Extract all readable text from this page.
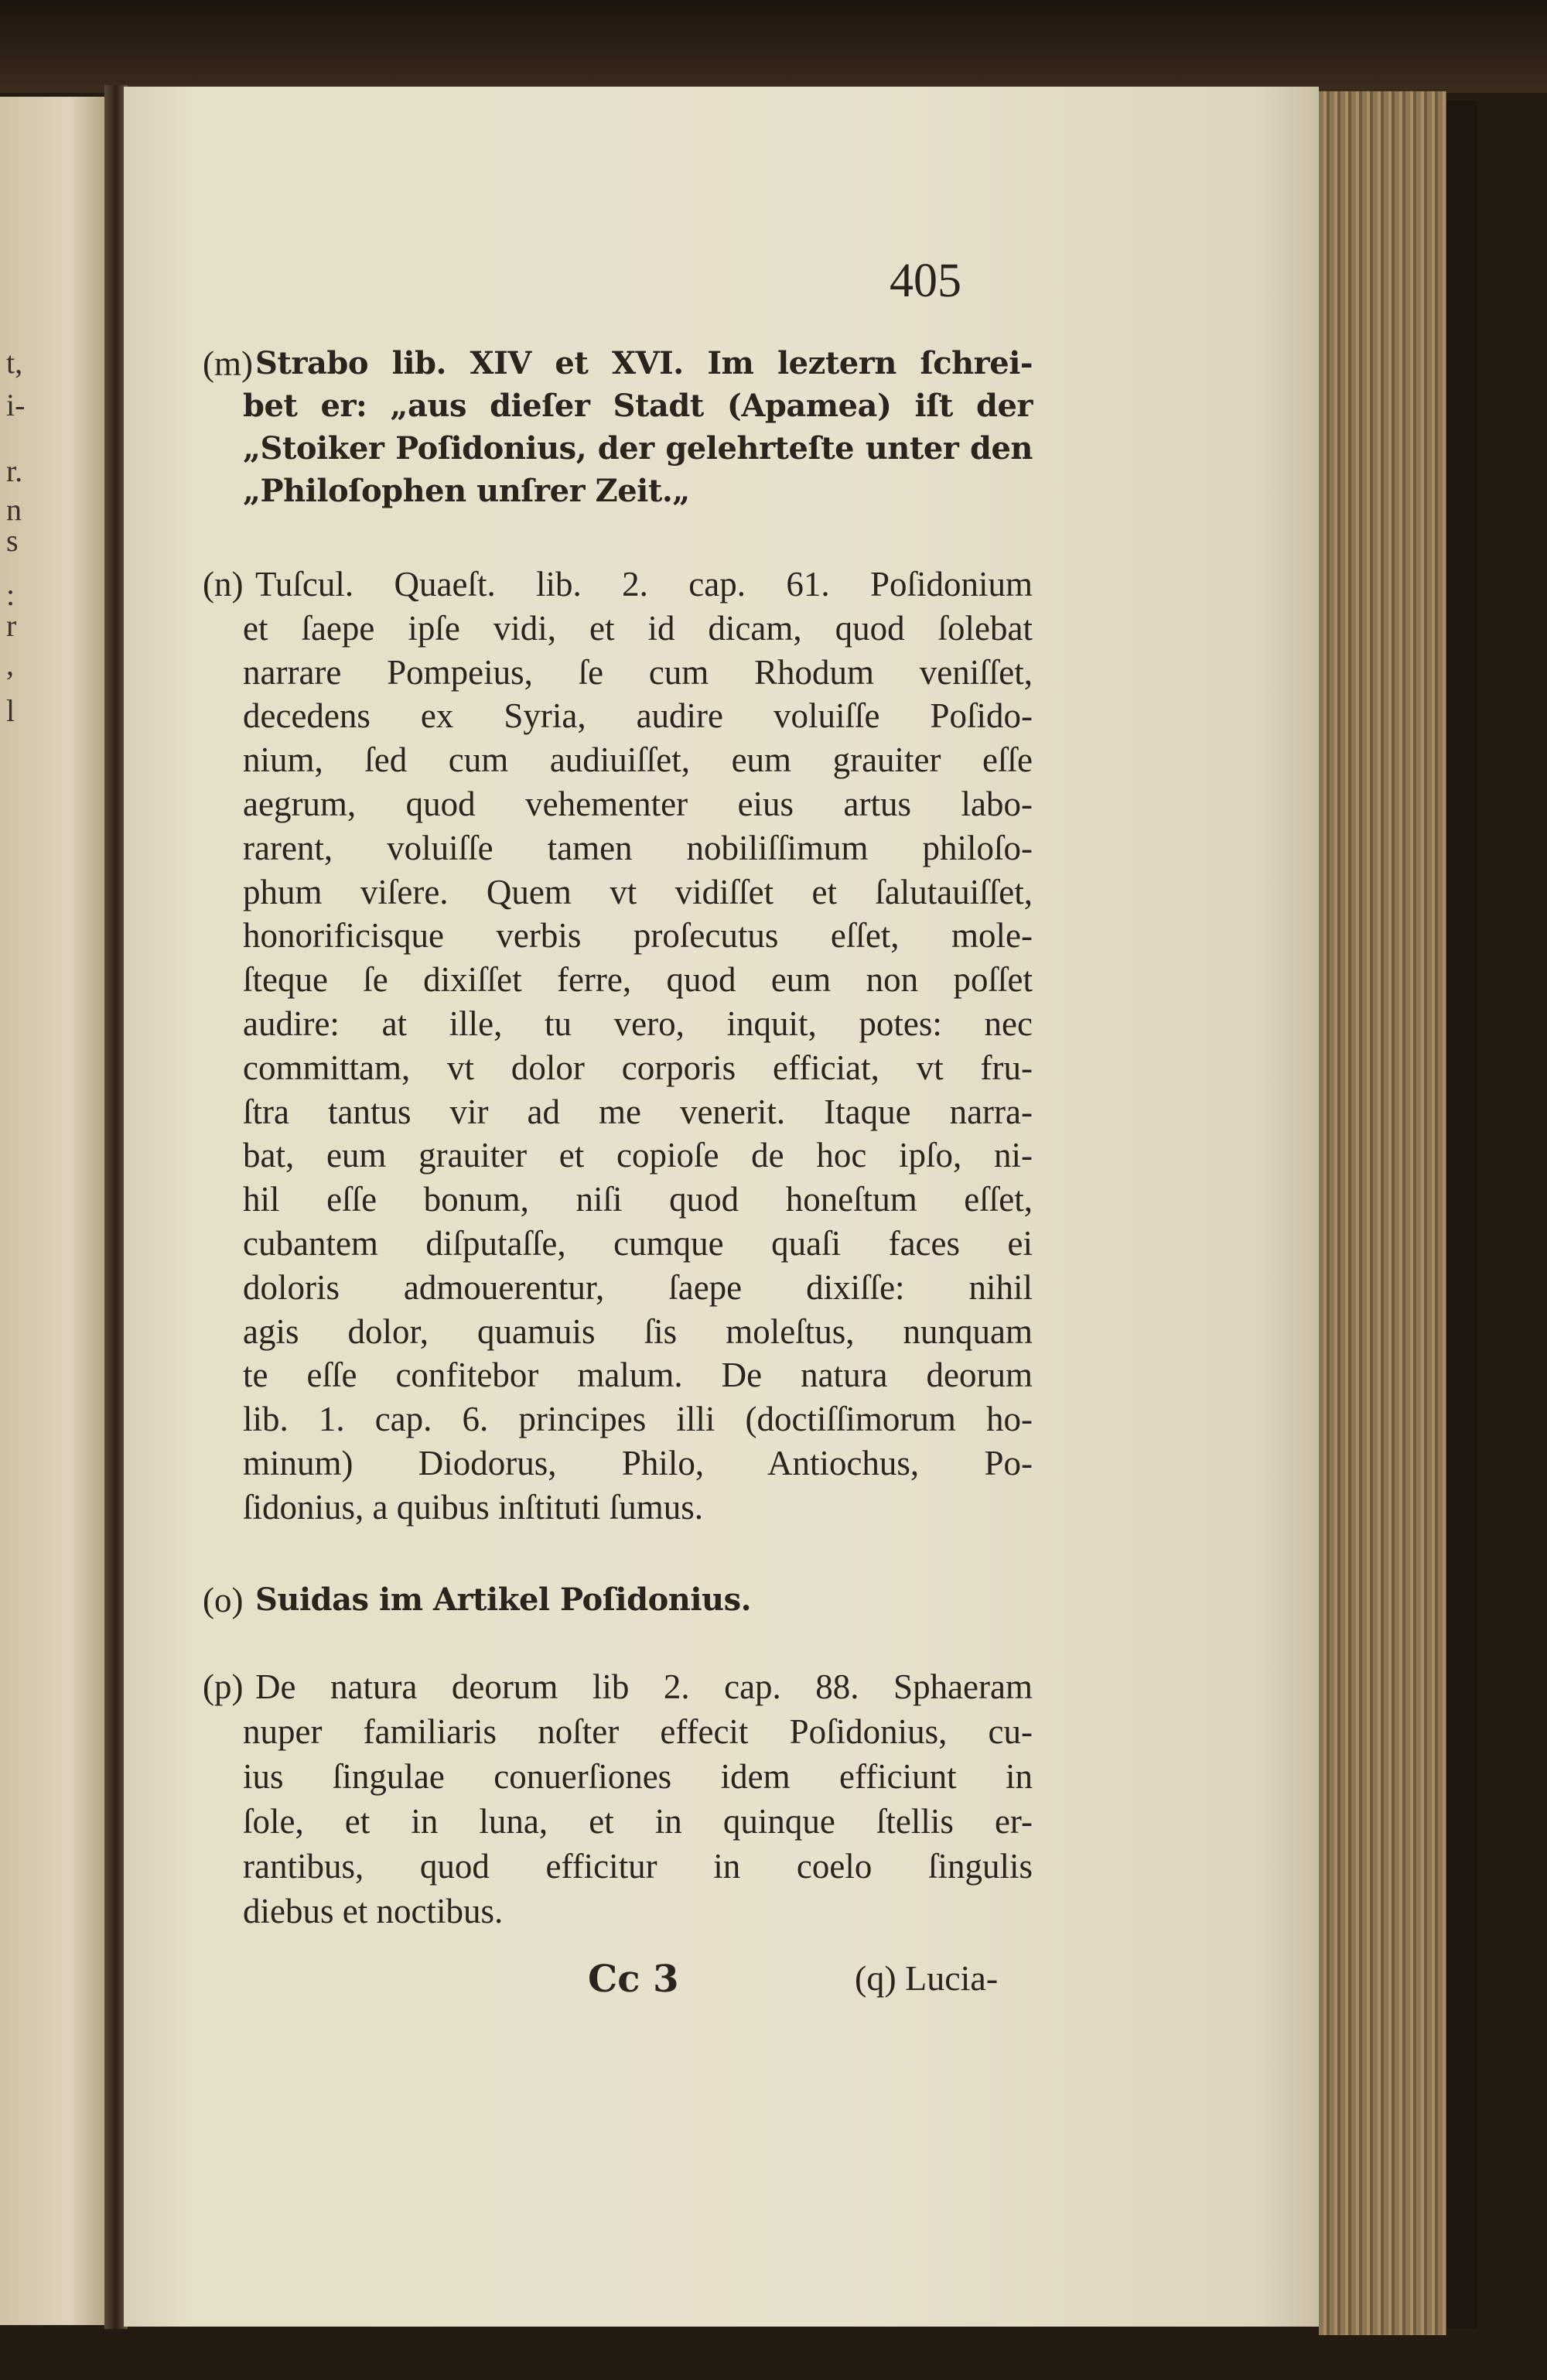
t,
i-
r.
n
s
:
r
,
l
405
(m) Strabo lib. XIV et XVI. Im leztern ſchrei-
bet er: „aus dieſer Stadt (Apamea) iſt der
„Stoiker Poſidonius, der gelehrteſte unter den
„Philoſophen unſrer Zeit.„
(n) Tuſcul. Quaeſt. lib. 2. cap. 61. Poſidonium
et ſaepe ipſe vidi, et id dicam, quod ſolebat
narrare Pompeius, ſe cum Rhodum veniſſet,
decedens ex Syria, audire voluiſſe Poſido-
nium, ſed cum audiuiſſet, eum grauiter eſſe
aegrum, quod vehementer eius artus labo-
rarent, voluiſſe tamen nobiliſſimum philoſo-
phum viſere. Quem vt vidiſſet et ſalutauiſſet,
honorificisque verbis proſecutus eſſet, mole-
ſteque ſe dixiſſet ferre, quod eum non poſſet
audire: at ille, tu vero, inquit, potes: nec
committam, vt dolor corporis efficiat, vt fru-
ſtra tantus vir ad me venerit. Itaque narra-
bat, eum grauiter et copioſe de hoc ipſo, ni-
hil eſſe bonum, niſi quod honeſtum eſſet,
cubantem diſputaſſe, cumque quaſi faces ei
doloris admouerentur, ſaepe dixiſſe: nihil
agis dolor, quamuis ſis moleſtus, nunquam
te eſſe confitebor malum. De natura deorum
lib. 1. cap. 6. principes illi (doctiſſimorum ho-
minum) Diodorus, Philo, Antiochus, Po-
ſidonius, a quibus inſtituti ſumus.
(o) Suidas im Artikel Poſidonius.
(p) De natura deorum lib 2. cap. 88. Sphaeram
nuper familiaris noſter effecit Poſidonius, cu-
ius ſingulae conuerſiones idem efficiunt in
ſole, et in luna, et in quinque ſtellis er-
rantibus, quod efficitur in coelo ſingulis
diebus et noctibus.
Cc 3	(q) Lucia-
